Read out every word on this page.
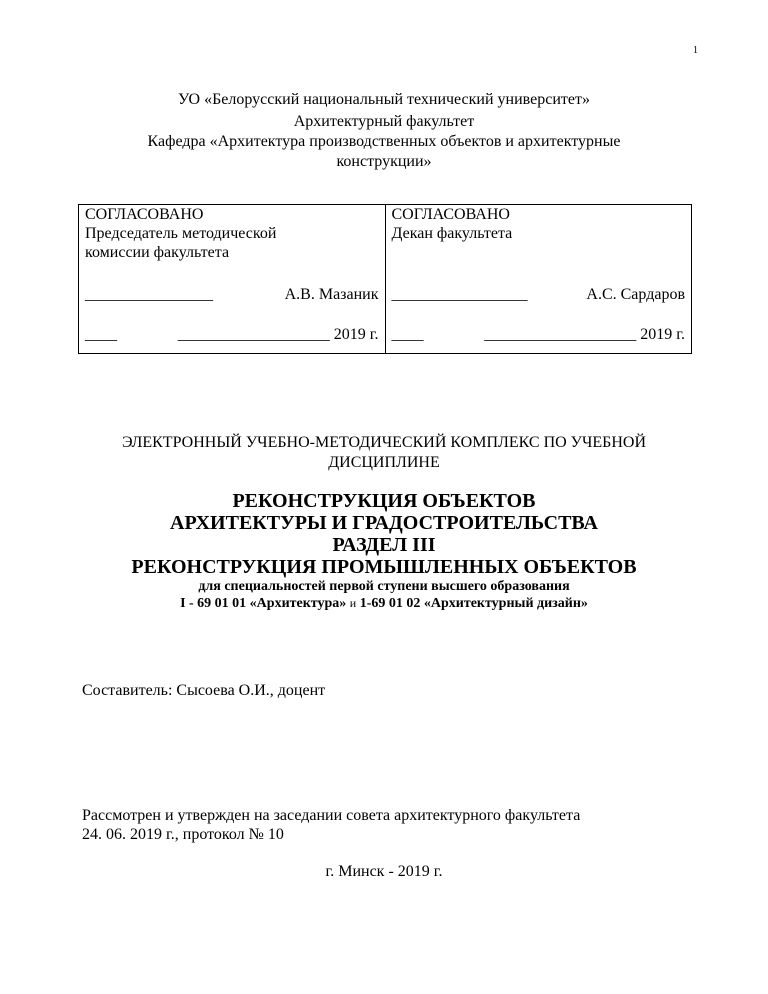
1
УО «Белорусский национальный технический университет»
Архитектурный факультет
Кафедра «Архитектура производственных объектов и архитектурные
конструкции»
СОГЛАСОВАНО
Председатель методической
комиссии факультета
________________	А.В. Мазаник
____	___________________ 2019 г.
СОГЛАСОВАНО
Декан факультета
_________________	А.С. Сардаров
____	___________________ 2019 г.
ЭЛЕКТРОННЫЙ УЧЕБНО-МЕТОДИЧЕСКИЙ КОМПЛЕКС ПО УЧЕБНОЙ
ДИСЦИПЛИНЕ
РЕКОНСТРУКЦИЯ ОБЪЕКТОВ
АРХИТЕКТУРЫ И ГРАДОСТРОИТЕЛЬСТВА
РАЗДЕЛ III
РЕКОНСТРУКЦИЯ ПРОМЫШЛЕННЫХ ОБЪЕКТОВ
для специальностей первой ступени высшего образования
I - 69 01 01 «Архитектура» и 1-69 01 02 «Архитектурный дизайн»
Составитель: Сысоева О.И., доцент
Рассмотрен и утвержден на заседании совета архитектурного факультета
24. 06. 2019 г., протокол № 10
г. Минск - 2019 г.
